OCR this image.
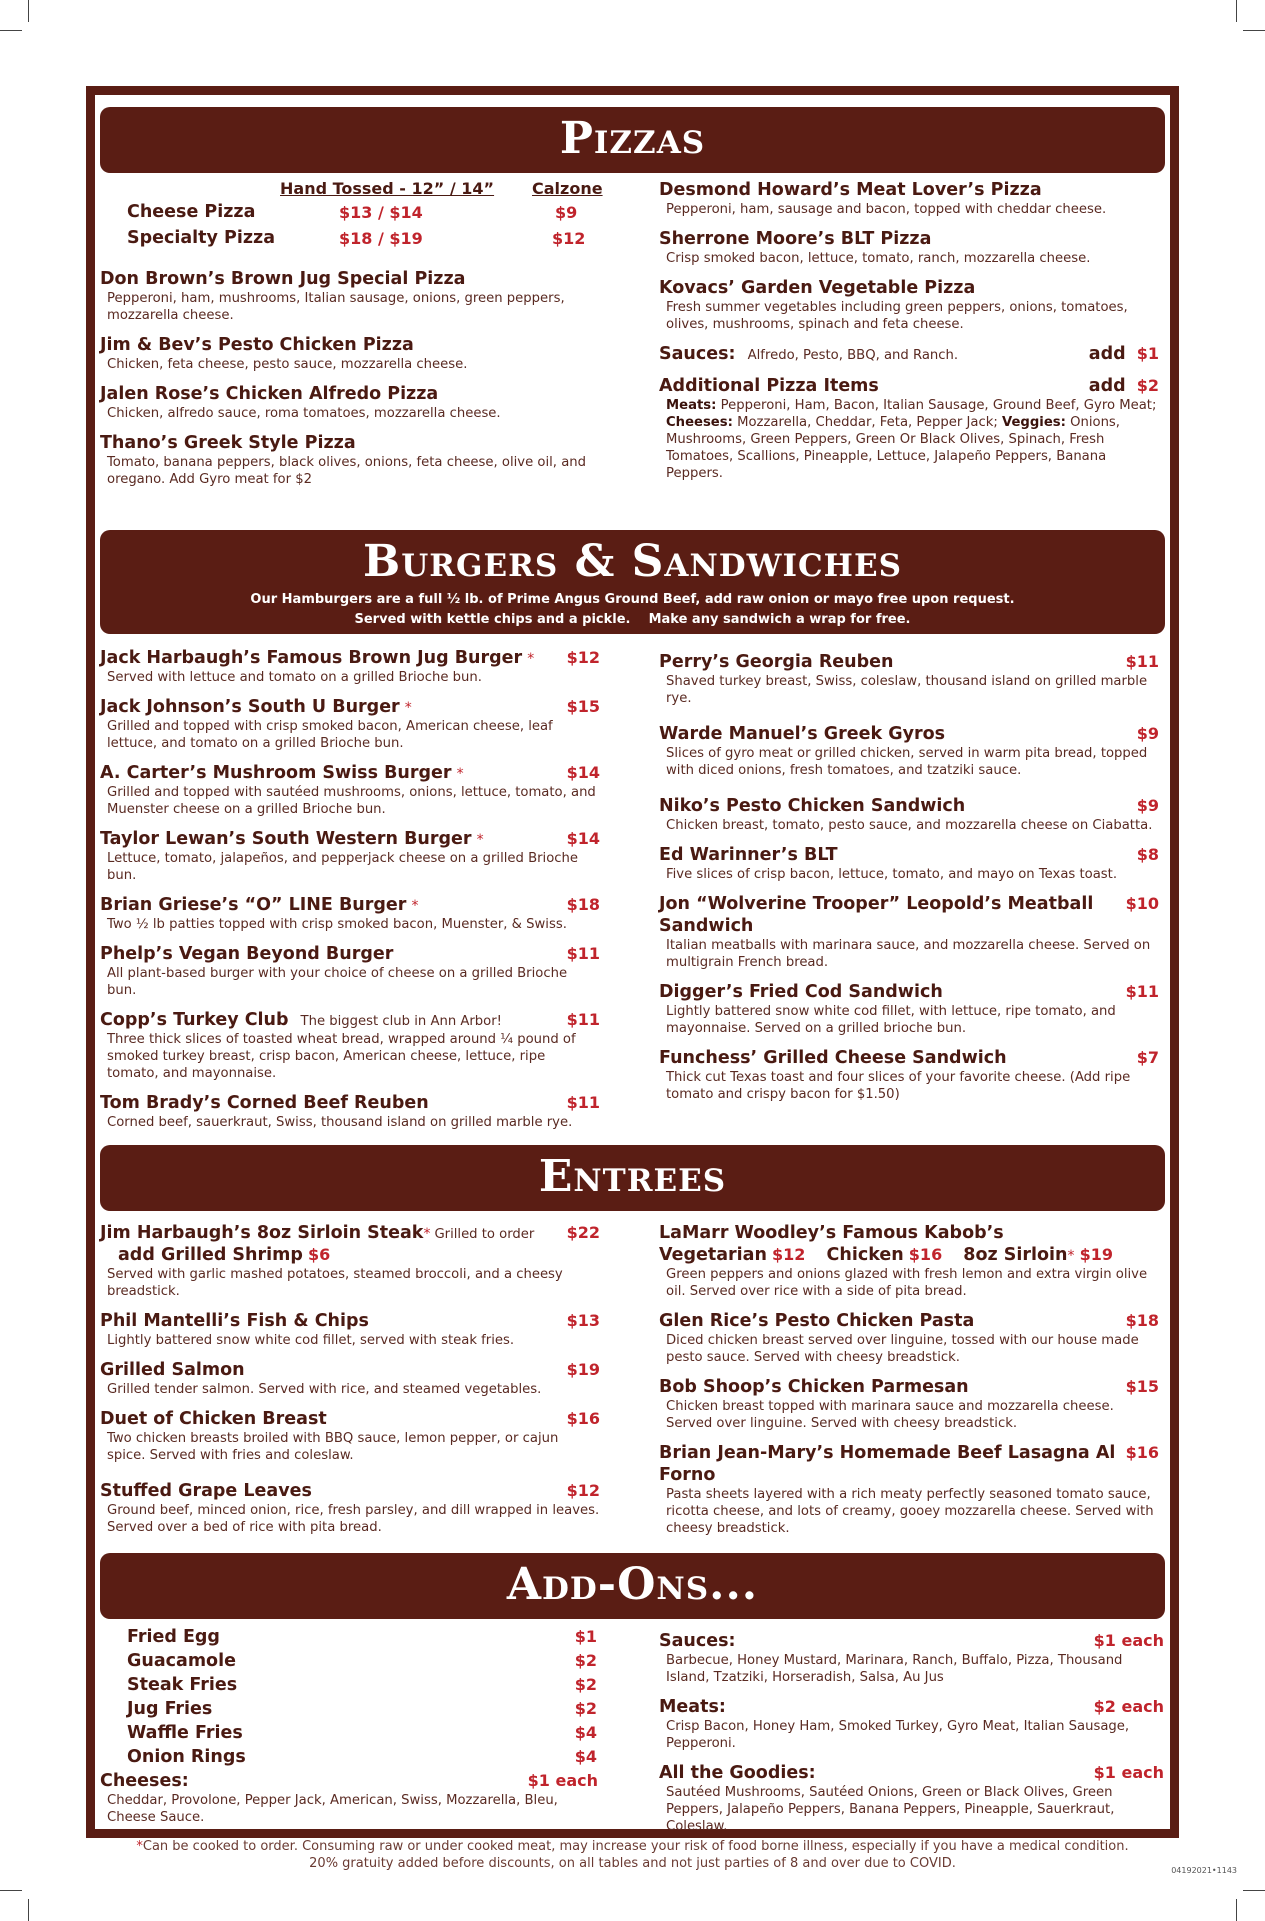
Pizzas
Hand Tossed - 12” / 14” Calzone
Cheese Pizza	$13 / $14	$9
Specialty Pizza	$18 / $19	$12
Don Brown’s Brown Jug Special Pizza
Pepperoni, ham, mushrooms, Italian sausage, onions, green peppers, mozzarella cheese.
Jim & Bev’s Pesto Chicken Pizza
Chicken, feta cheese, pesto sauce, mozzarella cheese.
Jalen Rose’s Chicken Alfredo Pizza
Chicken, alfredo sauce, roma tomatoes, mozzarella cheese.
Thano’s Greek Style Pizza
Tomato, banana peppers, black olives, onions, feta cheese, olive oil, and oregano. Add Gyro meat for $2
Desmond Howard’s Meat Lover’s Pizza
Pepperoni, ham, sausage and bacon, topped with cheddar cheese.
Sherrone Moore’s BLT Pizza
Crisp smoked bacon, lettuce, tomato, ranch, mozzarella cheese.
Kovacs’ Garden Vegetable Pizza
Fresh summer vegetables including green peppers, onions, tomatoes, olives, mushrooms, spinach and feta cheese.
Sauces: Alfredo, Pesto, BBQ, and Ranch.	add $1
Additional Pizza Items	add $2
Meats: Pepperoni, Ham, Bacon, Italian Sausage, Ground Beef, Gyro Meat; Cheeses: Mozzarella, Cheddar, Feta, Pepper Jack; Veggies: Onions, Mushrooms, Green Peppers, Green Or Black Olives, Spinach, Fresh Tomatoes, Scallions, Pineapple, Lettuce, Jalapeño Peppers, Banana Peppers.
Burgers & Sandwiches
Our Hamburgers are a full ½ lb. of Prime Angus Ground Beef, add raw onion or mayo free upon request.
Served with kettle chips and a pickle.    Make any sandwich a wrap for free.
Jack Harbaugh’s Famous Brown Jug Burger * $12
Served with lettuce and tomato on a grilled Brioche bun.
Jack Johnson’s South U Burger *	$15
Grilled and topped with crisp smoked bacon, American cheese, leaf lettuce, and tomato on a grilled Brioche bun.
A. Carter’s Mushroom Swiss Burger *	$14
Grilled and topped with sautéed mushrooms, onions, lettuce, tomato, and Muenster cheese on a grilled Brioche bun.
Taylor Lewan’s South Western Burger *	$14
Lettuce, tomato, jalapeños, and pepperjack cheese on a grilled Brioche bun.
Brian Griese’s “O” LINE Burger *	$18
Two ½ lb patties topped with crisp smoked bacon, Muenster, & Swiss.
Phelp’s Vegan Beyond Burger	$11
All plant-based burger with your choice of cheese on a grilled Brioche bun.
Copp’s Turkey Club The biggest club in Ann Arbor!	$11
Three thick slices of toasted wheat bread, wrapped around ¼ pound of smoked turkey breast, crisp bacon, American cheese, lettuce, ripe tomato, and mayonnaise.
Tom Brady’s Corned Beef Reuben	$11
Corned beef, sauerkraut, Swiss, thousand island on grilled marble rye.
Perry’s Georgia Reuben	$11
Shaved turkey breast, Swiss, coleslaw, thousand island on grilled marble rye.
Warde Manuel’s Greek Gyros	$9
Slices of gyro meat or grilled chicken, served in warm pita bread, topped with diced onions, fresh tomatoes, and tzatziki sauce.
Niko’s Pesto Chicken Sandwich	$9
Chicken breast, tomato, pesto sauce, and mozzarella cheese on Ciabatta.
Ed Warinner’s BLT	$8
Five slices of crisp bacon, lettuce, tomato, and mayo on Texas toast.
Jon “Wolverine Trooper” Leopold’s Meatball Sandwich
$10
Italian meatballs with marinara sauce, and mozzarella cheese. Served on multigrain French bread.
Digger’s Fried Cod Sandwich	$11
Lightly battered snow white cod fillet, with lettuce, ripe tomato, and mayonnaise. Served on a grilled brioche bun.
Funchess’ Grilled Cheese Sandwich	$7
Thick cut Texas toast and four slices of your favorite cheese. (Add ripe tomato and crispy bacon for $1.50)
Entrees
Jim Harbaugh’s 8oz Sirloin Steak* Grilled to order $22
add Grilled Shrimp $6
Served with garlic mashed potatoes, steamed broccoli, and a cheesy breadstick.
Phil Mantelli’s Fish & Chips	$13
Lightly battered snow white cod fillet, served with steak fries.
Grilled Salmon	$19
Grilled tender salmon. Served with rice, and steamed vegetables.
Duet of Chicken Breast	$16
Two chicken breasts broiled with BBQ sauce, lemon pepper, or cajun spice. Served with fries and coleslaw.
Stuffed Grape Leaves	$12
Ground beef, minced onion, rice, fresh parsley, and dill wrapped in leaves. Served over a bed of rice with pita bread.
LaMarr Woodley’s Famous Kabob’s
Vegetarian $12 Chicken $16 8oz Sirloin* $19
Green peppers and onions glazed with fresh lemon and extra virgin olive oil. Served over rice with a side of pita bread.
Glen Rice’s Pesto Chicken Pasta	$18
Diced chicken breast served over linguine, tossed with our house made pesto sauce. Served with cheesy breadstick.
Bob Shoop’s Chicken Parmesan	$15
Chicken breast topped with marinara sauce and mozzarella cheese. Served over linguine. Served with cheesy breadstick.
Brian Jean-Mary’s Homemade Beef Lasagna Al Forno
$16
Pasta sheets layered with a rich meaty perfectly seasoned tomato sauce, ricotta cheese, and lots of creamy, gooey mozzarella cheese. Served with cheesy breadstick.
Add-Ons...
Fried Egg	$1
Guacamole	$2
Steak Fries	$2
Jug Fries	$2
Waffle Fries	$4
Onion Rings	$4
Cheeses:	$1 each
Cheddar, Provolone, Pepper Jack, American, Swiss, Mozzarella, Bleu, Cheese Sauce.
Sauces:	$1 each
Barbecue, Honey Mustard, Marinara, Ranch, Buffalo, Pizza, Thousand Island, Tzatziki, Horseradish, Salsa, Au Jus
Meats:	$2 each
Crisp Bacon, Honey Ham, Smoked Turkey, Gyro Meat, Italian Sausage, Pepperoni.
All the Goodies:	$1 each
Sautéed Mushrooms, Sautéed Onions, Green or Black Olives, Green Peppers, Jalapeño Peppers, Banana Peppers, Pineapple, Sauerkraut, Coleslaw.
*Can be cooked to order. Consuming raw or under cooked meat, may increase your risk of food borne illness, especially if you have a medical condition.
20% gratuity added before discounts, on all tables and not just parties of 8 and over due to COVID.	04192021•1143
